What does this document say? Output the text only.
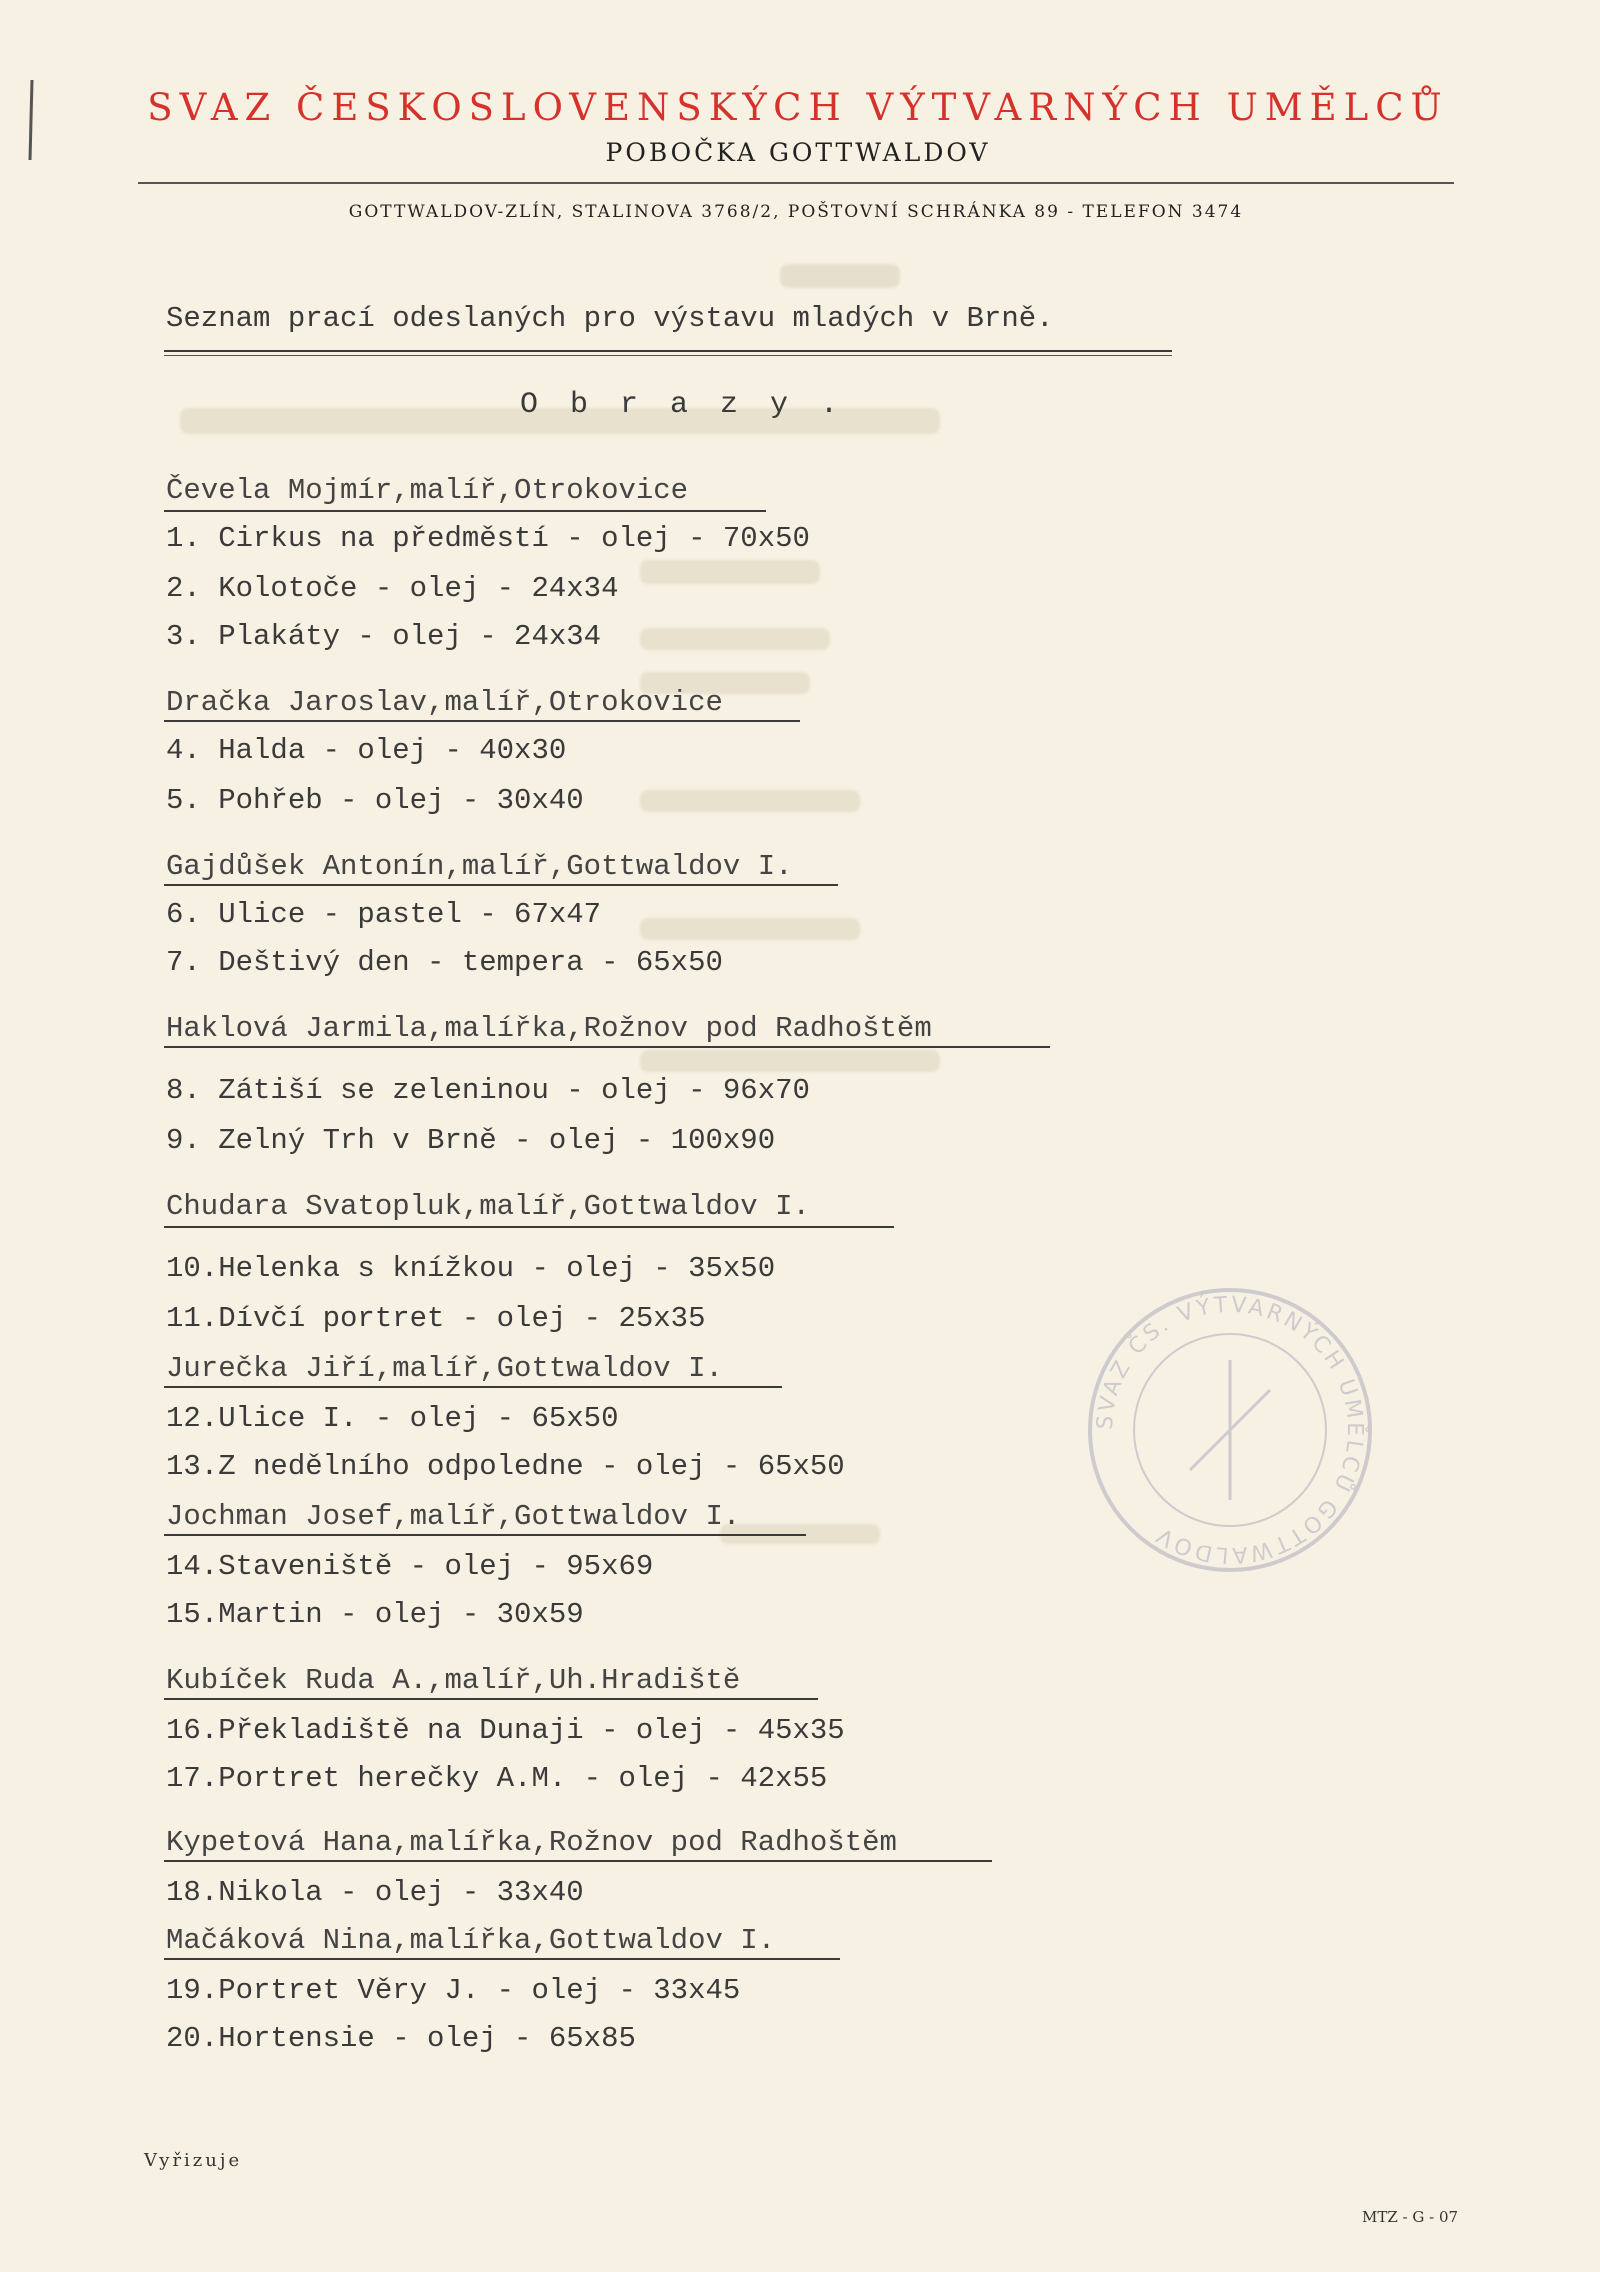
SVAZ ČESKOSLOVENSKÝCH VÝTVARNÝCH UMĚLCŮ
POBOČKA GOTTWALDOV
GOTTWALDOV-ZLÍN, STALINOVA 3768/2, POŠTOVNÍ SCHRÁNKA 89 - TELEFON 3474
Seznam prací odeslaných pro výstavu mladých v Brně.
O b r a z y .
Čevela Mojmír,malíř,Otrokovice
1. Cirkus na předměstí - olej - 70x50
2. Kolotoče - olej - 24x34
3. Plakáty - olej - 24x34
Dračka Jaroslav,malíř,Otrokovice
4. Halda - olej - 40x30
5. Pohřeb - olej - 30x40
Gajdůšek Antonín,malíř,Gottwaldov I.
6. Ulice - pastel - 67x47
7. Deštivý den - tempera - 65x50
Haklová Jarmila,malířka,Rožnov pod Radhoštěm
8. Zátiší se zeleninou - olej - 96x70
9. Zelný Trh v Brně - olej - 100x90
Chudara Svatopluk,malíř,Gottwaldov I.
10.Helenka s knížkou - olej - 35x50
11.Dívčí portret - olej - 25x35
Jurečka Jiří,malíř,Gottwaldov I.
12.Ulice I. - olej - 65x50
13.Z nedělního odpoledne - olej - 65x50
Jochman Josef,malíř,Gottwaldov I.
14.Staveniště - olej - 95x69
15.Martin - olej - 30x59
Kubíček Ruda A.,malíř,Uh.Hradiště
16.Překladiště na Dunaji - olej - 45x35
17.Portret herečky A.M. - olej - 42x55
Kypetová Hana,malířka,Rožnov pod Radhoštěm
18.Nikola - olej - 33x40
Mačáková Nina,malířka,Gottwaldov I.
19.Portret Věry J. - olej - 33x45
20.Hortensie - olej - 65x85
SVAZ ČS. VÝTVARNÝCH UMĚLCŮ GOTTWALDOV
Vyřizuje
MTZ - G - 07
